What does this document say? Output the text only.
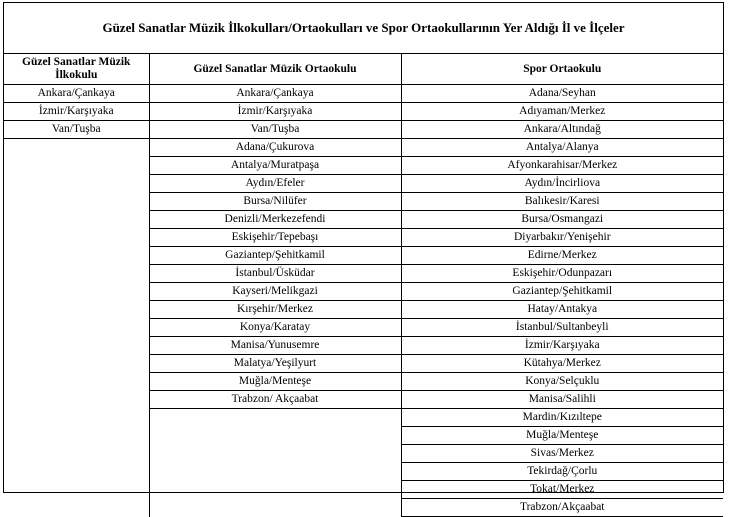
Güzel Sanatlar Müzik İlkokulları/Ortaokulları ve Spor Ortaokullarının Yer Aldığı İl ve İlçeler
Güzel Sanatlar Müzik İlkokulu	Güzel Sanatlar Müzik Ortaokulu	Spor Ortaokulu
Ankara/Çankaya	Ankara/Çankaya	Adana/Seyhan
İzmir/Karşıyaka	İzmir/Karşıyaka	Adıyaman/Merkez
Van/Tuşba	Van/Tuşba	Ankara/Altındağ
	Adana/Çukurova	Antalya/Alanya
	Antalya/Muratpaşa	Afyonkarahisar/Merkez
	Aydın/Efeler	Aydın/İncirliova
	Bursa/Nilüfer	Balıkesir/Karesi
	Denizli/Merkezefendi	Bursa/Osmangazi
	Eskişehir/Tepebaşı	Diyarbakır/Yenişehir
	Gaziantep/Şehitkamil	Edirne/Merkez
	İstanbul/Üsküdar	Eskişehir/Odunpazarı
	Kayseri/Melikgazi	Gaziantep/Şehitkamil
	Kırşehir/Merkez	Hatay/Antakya
	Konya/Karatay	İstanbul/Sultanbeyli
	Manisa/Yunusemre	İzmir/Karşıyaka
	Malatya/Yeşilyurt	Kütahya/Merkez
	Muğla/Menteşe	Konya/Selçuklu
	Trabzon/ Akçaabat	Manisa/Salihli
		Mardin/Kızıltepe
		Muğla/Menteşe
		Sivas/Merkez
		Tekirdağ/Çorlu
		Tokat/Merkez
		Trabzon/Akçaabat
